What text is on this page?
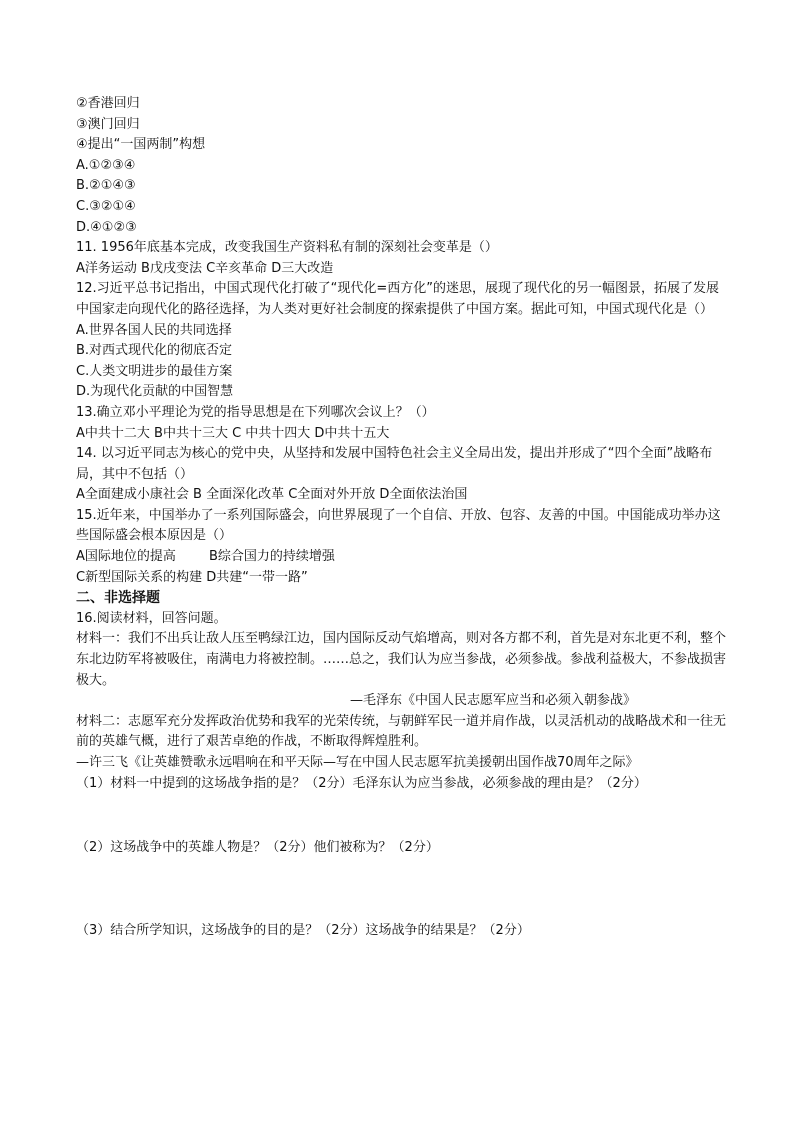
②香港回归
③澳门回归
④提出“一国两制”构想
A.①②③④
B.②①④③
C.③②①④
D.④①②③
11. 1956年底基本完成，改变我国生产资料私有制的深刻社会变革是（）
A洋务运动 B戊戌变法 C辛亥革命 D三大改造
12.习近平总书记指出，中国式现代化打破了“现代化=西方化”的迷思，展现了现代化的另一幅图景，拓展了发展中国家走向现代化的路径选择，为人类对更好社会制度的探索提供了中国方案。据此可知，中国式现代化是（）
A.世界各国人民的共同选择
B.对西式现代化的彻底否定
C.人类文明进步的最佳方案
D.为现代化贡献的中国智慧
13.确立邓小平理论为党的指导思想是在下列哪次会议上？（）
A中共十二大 B中共十三大 C 中共十四大 D中共十五大
14. 以习近平同志为核心的党中央，从坚持和发展中国特色社会主义全局出发，提出并形成了“四个全面”战略布局，其中不包括（）
A全面建成小康社会 B 全面深化改革 C全面对外开放 D全面依法治国
15.近年来，中国举办了一系列国际盛会，向世界展现了一个自信、开放、包容、友善的中国。中国能成功举办这些国际盛会根本原因是（）
A国际地位的提高        B综合国力的持续增强
C新型国际关系的构建 D共建“一带一路”
二、非选择题
16.阅读材料，回答问题。
材料一：我们不出兵让敌人压至鸭绿江边，国内国际反动气焰增高，则对各方都不利，首先是对东北更不利，整个东北边防军将被吸住，南满电力将被控制。……总之，我们认为应当参战，必须参战。参战利益极大，不参战损害极大。
—毛泽东《中国人民志愿军应当和必须入朝参战》
材料二：志愿军充分发挥政治优势和我军的光荣传统，与朝鲜军民一道并肩作战，以灵活机动的战略战术和一往无前的英雄气概，进行了艰苦卓绝的作战，不断取得辉煌胜利。
—许三飞《让英雄赞歌永远唱响在和平天际—写在中国人民志愿军抗美援朝出国作战70周年之际》
（1）材料一中提到的这场战争指的是？（2分）毛泽东认为应当参战，必须参战的理由是？（2分）
（2）这场战争中的英雄人物是？（2分）他们被称为？（2分）
（3）结合所学知识，这场战争的目的是？（2分）这场战争的结果是？（2分）
